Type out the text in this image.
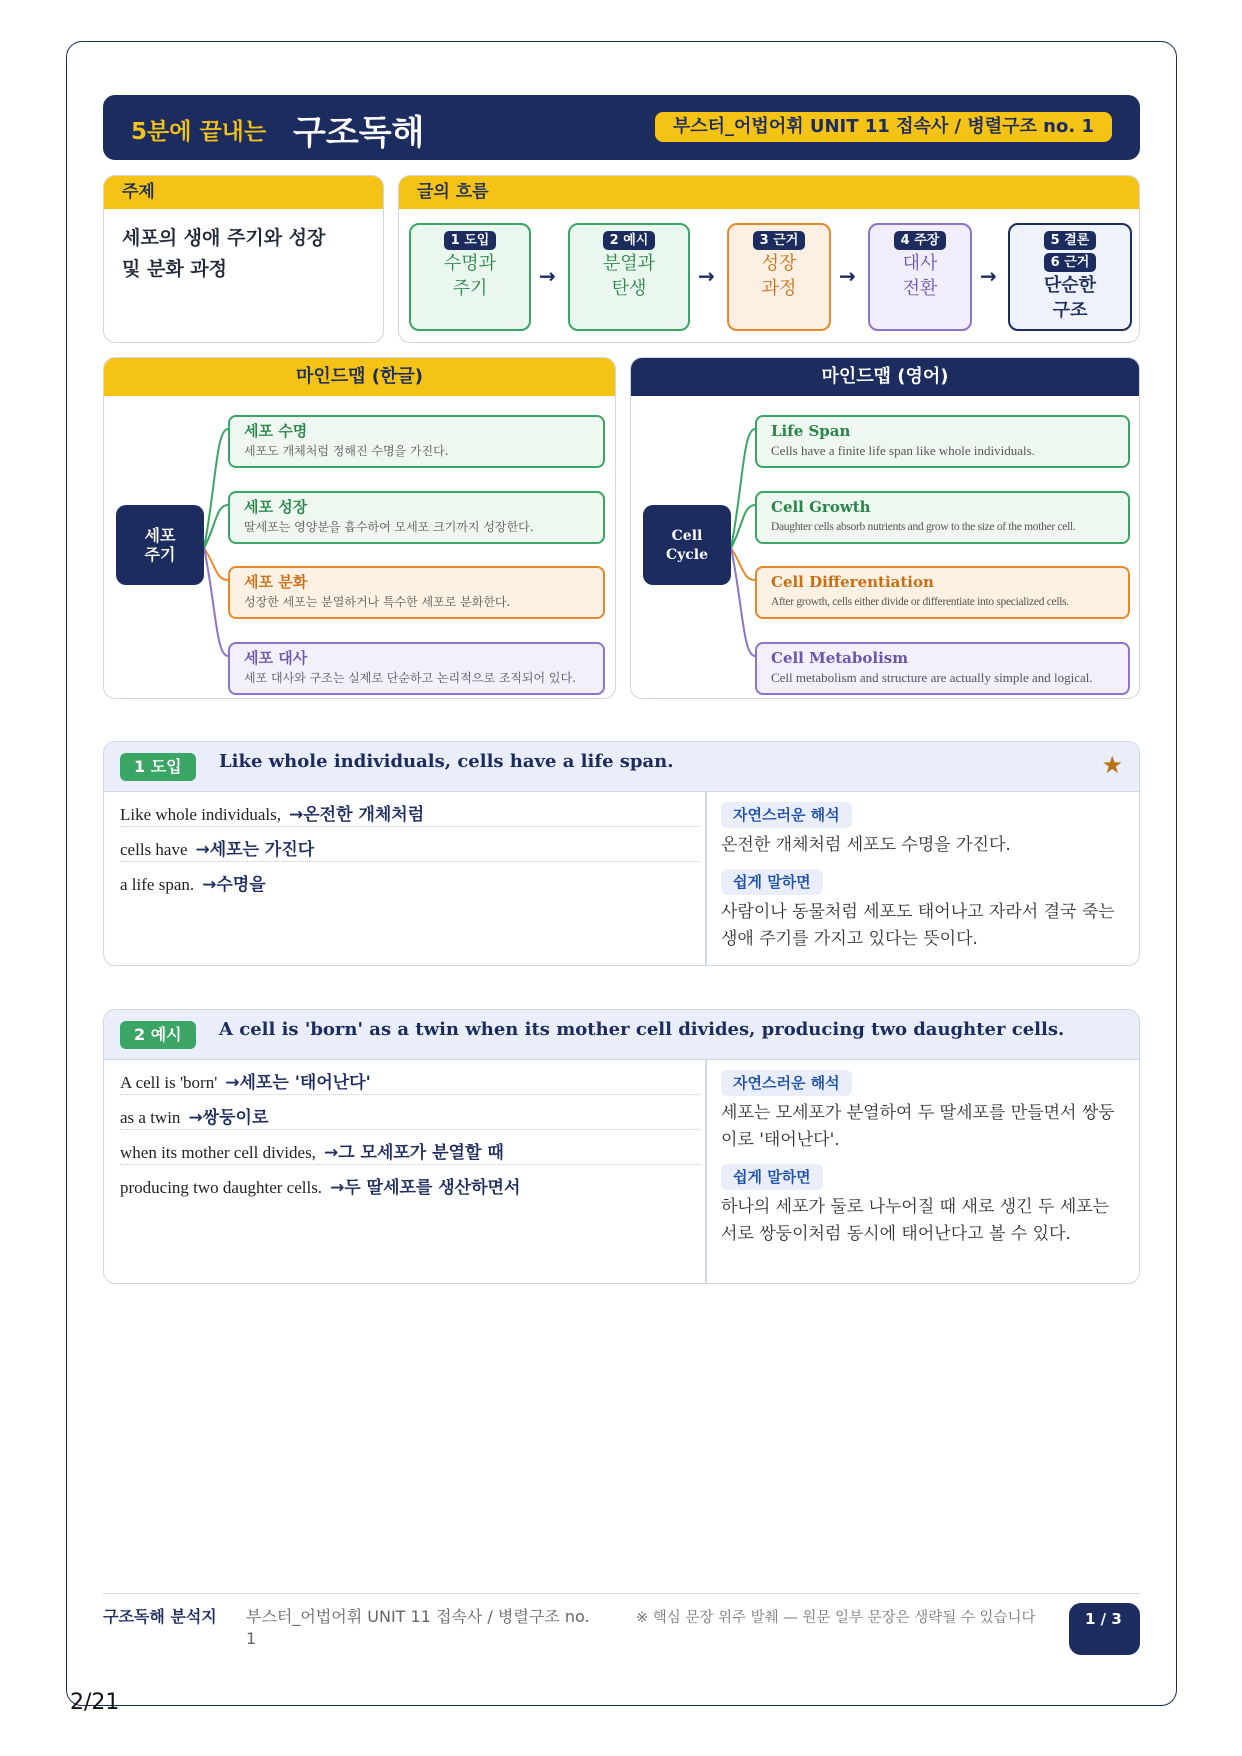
5분에 끝내는 구조독해	부스터_어법어휘 UNIT 11 접속사 / 병렬구조 no. 1
주제
세포의 생애 주기와 성장
및 분화 과정
글의 흐름
1 도입
수명과
주기
→
2 예시
분열과
탄생
→
3 근거
성장
과정
→
4 주장
대사
전환
→
5 결론
6 근거
단순한
구조
마인드맵 (한글)
세포
주기
세포 수명
세포도 개체처럼 정해진 수명을 가진다.
세포 성장
딸세포는 영양분을 흡수하여 모세포 크기까지 성장한다.
세포 분화
성장한 세포는 분열하거나 특수한 세포로 분화한다.
세포 대사
세포 대사와 구조는 실제로 단순하고 논리적으로 조직되어 있다.
마인드맵 (영어)
Cell
Cycle
Life Span
Cells have a finite life span like whole individuals.
Cell Growth
Daughter cells absorb nutrients and grow to the size of the mother cell.
Cell Differentiation
After growth, cells either divide or differentiate into specialized cells.
Cell Metabolism
Cell metabolism and structure are actually simple and logical.
1 도입	Like whole individuals, cells have a life span.	★
Like whole individuals, →온전한 개체처럼
cells have →세포는 가진다
a life span. →수명을
자연스러운 해석
온전한 개체처럼 세포도 수명을 가진다.
쉽게 말하면
사람이나 동물처럼 세포도 태어나고 자라서 결국 죽는 생애 주기를 가지고 있다는 뜻이다.
2 예시	A cell is 'born' as a twin when its mother cell divides, producing two daughter cells.
A cell is 'born' →세포는 '태어난다'
as a twin →쌍둥이로
when its mother cell divides, →그 모세포가 분열할 때
producing two daughter cells. →두 딸세포를 생산하면서
자연스러운 해석
세포는 모세포가 분열하여 두 딸세포를 만들면서 쌍둥이로 '태어난다'.
쉽게 말하면
하나의 세포가 둘로 나누어질 때 새로 생긴 두 세포는 서로 쌍둥이처럼 동시에 태어난다고 볼 수 있다.
구조독해 분석지	부스터_어법어휘 UNIT 11 접속사 / 병렬구조 no. 1
※ 핵심 문장 위주 발췌 — 원문 일부 문장은 생략될 수 있습니다	1 / 3
2/21
